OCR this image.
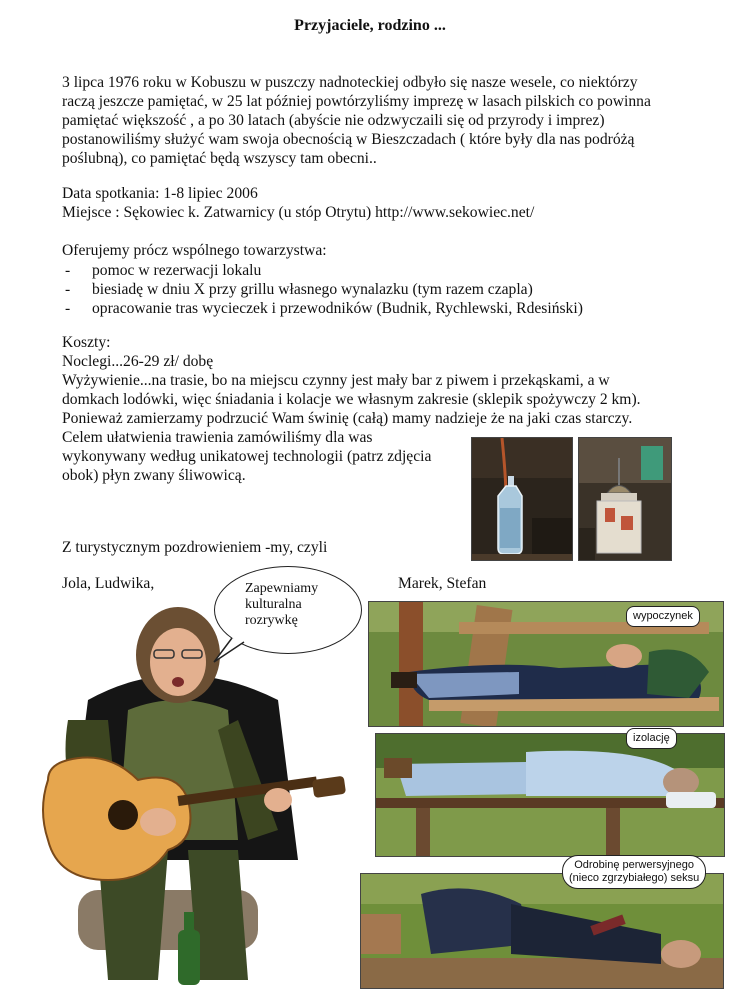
Przyjaciele, rodzino ...
3 lipca 1976 roku w Kobuszu w puszczy nadnoteckiej odbyło się nasze wesele, co niektórzy
raczą jeszcze pamiętać, w 25 lat później powtórzyliśmy imprezę w lasach pilskich co powinna
pamiętać większość , a po 30 latach (abyście nie odzwyczaili się od przyrody i imprez)
postanowiliśmy służyć wam swoja obecnością w Bieszczadach ( które były dla nas podróżą
poślubną), co pamiętać będą wszyscy tam obecni..
Data spotkania: 1-8 lipiec 2006
Miejsce : Sękowiec k. Zatwarnicy (u stóp Otrytu) http://www.sekowiec.net/
Oferujemy prócz wspólnego towarzystwa:
-	pomoc w rezerwacji lokalu
-	biesiadę w dniu X przy grillu własnego wynalazku (tym razem czapla)
-	opracowanie tras wycieczek i przewodników (Budnik, Rychlewski, Rdesiński)
Koszty:
Noclegi...26-29 zł/ dobę
Wyżywienie...na trasie, bo na miejscu czynny jest mały bar z piwem i przekąskami, a w
domkach lodówki, więc śniadania i kolacje we własnym zakresie (sklepik spożywczy 2 km).
Ponieważ zamierzamy podrzucić Wam świnię (całą) mamy nadzieje że na jaki czas starczy.
Celem ułatwienia trawienia zamówiliśmy dla was
wykonywany według unikatowej technologii (patrz zdjęcia
obok) płyn zwany śliwowicą.
Z turystycznym pozdrowieniem -my, czyli
Jola, Ludwika,	Marek, Stefan
Zapewniamy
kulturalna
rozrywkę	wypoczynek
izolację
Odrobinę perwersyjnego
(nieco zgrzybiałego) seksu
